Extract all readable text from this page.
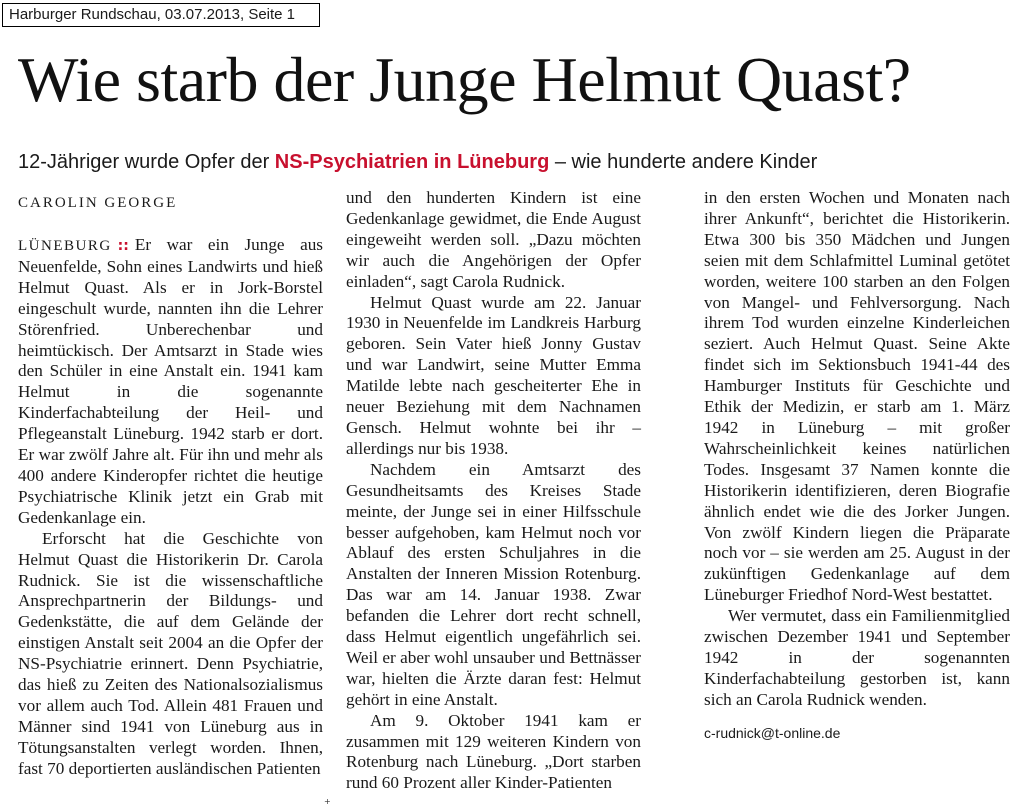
Harburger Rundschau, 03.07.2013, Seite 1
Wie starb der Junge Helmut Quast?
12-Jähriger wurde Opfer der NS-Psychiatrien in Lüneburg – wie hunderte andere Kinder
CAROLIN GEORGE

LÜNEBURG :: Er war ein Junge aus Neuenfelde, Sohn eines Landwirts und hieß Helmut Quast. Als er in Jork-Borstel eingeschult wurde, nannten ihn die Lehrer Störenfried. Unberechenbar und heimtückisch. Der Amtsarzt in Stade wies den Schüler in eine Anstalt ein. 1941 kam Helmut in die sogenannte Kinderfachabteilung der Heil- und Pflegeanstalt Lüneburg. 1942 starb er dort. Er war zwölf Jahre alt. Für ihn und mehr als 400 andere Kinderopfer richtet die heutige Psychiatrische Klinik jetzt ein Grab mit Gedenkanlage ein.

Erforscht hat die Geschichte von Helmut Quast die Historikerin Dr. Carola Rudnick. Sie ist die wissenschaftliche Ansprechpartnerin der Bildungs- und Gedenkstätte, die auf dem Gelände der einstigen Anstalt seit 2004 an die Opfer der NS-Psychiatrie erinnert. Denn Psychiatrie, das hieß zu Zeiten des Nationalsozialismus vor allem auch Tod. Allein 481 Frauen und Männer sind 1941 von Lüneburg aus in Tötungsanstalten verlegt worden. Ihnen, fast 70 deportierten ausländischen Patienten

und den hunderten Kindern ist eine Gedenkanlage gewidmet, die Ende August eingeweiht werden soll. „Dazu möchten wir auch die Angehörigen der Opfer einladen“, sagt Carola Rudnick.

Helmut Quast wurde am 22. Januar 1930 in Neuenfelde im Landkreis Harburg geboren. Sein Vater hieß Jonny Gustav und war Landwirt, seine Mutter Emma Matilde lebte nach gescheiterter Ehe in neuer Beziehung mit dem Nachnamen Gensch. Helmut wohnte bei ihr – allerdings nur bis 1938.

Nachdem ein Amtsarzt des Gesundheitsamts des Kreises Stade meinte, der Junge sei in einer Hilfsschule besser aufgehoben, kam Helmut noch vor Ablauf des ersten Schuljahres in die Anstalten der Inneren Mission Rotenburg. Das war am 14. Januar 1938. Zwar befanden die Lehrer dort recht schnell, dass Helmut eigentlich ungefährlich sei. Weil er aber wohl unsauber und Bettnässer war, hielten die Ärzte daran fest: Helmut gehört in eine Anstalt.

Am 9. Oktober 1941 kam er zusammen mit 129 weiteren Kindern von Rotenburg nach Lüneburg. „Dort starben rund 60 Prozent aller Kinder-Patienten

in den ersten Wochen und Monaten nach ihrer Ankunft“, berichtet die Historikerin. Etwa 300 bis 350 Mädchen und Jungen seien mit dem Schlafmittel Luminal getötet worden, weitere 100 starben an den Folgen von Mangel- und Fehlversorgung. Nach ihrem Tod wurden einzelne Kinderleichen seziert. Auch Helmut Quast. Seine Akte findet sich im Sektionsbuch 1941-44 des Hamburger Instituts für Geschichte und Ethik der Medizin, er starb am 1. März 1942 in Lüneburg – mit großer Wahrscheinlichkeit keines natürlichen Todes. Insgesamt 37 Namen konnte die Historikerin identifizieren, deren Biografie ähnlich endet wie die des Jorker Jungen. Von zwölf Kindern liegen die Präparate noch vor – sie werden am 25. August in der zukünftigen Gedenkanlage auf dem Lüneburger Friedhof Nord-West bestattet.

Wer vermutet, dass ein Familienmitglied zwischen Dezember 1941 und September 1942 in der sogenannten Kinderfachabteilung gestorben ist, kann sich an Carola Rudnick wenden.

c-rudnick@t-online.de

+
